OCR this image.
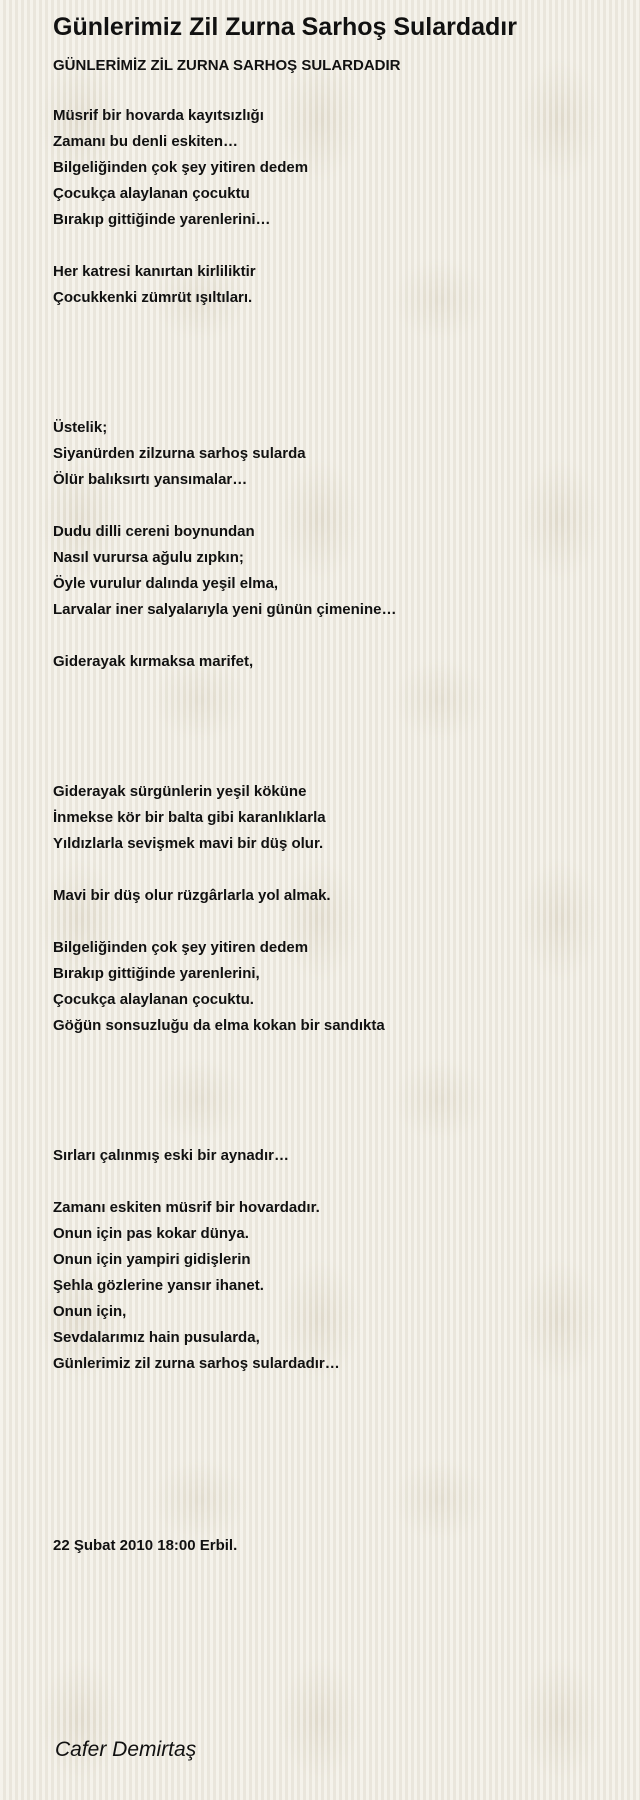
Günlerimiz Zil Zurna Sarhoş Sulardadır
GÜNLERİMİZ ZİL ZURNA SARHOŞ SULARDADIR
Müsrif bir hovarda kayıtsızlığı
Zamanı bu denli eskiten…
Bilgeliğinden çok şey yitiren dedem
Çocukça alaylanan çocuktu
Bırakıp gittiğinde yarenlerini…
Her katresi kanırtan kirliliktir
Çocukkenki zümrüt ışıltıları.
Üstelik;
Siyanürden zilzurna sarhoş sularda
Ölür balıksırtı yansımalar…
Dudu dilli cereni boynundan
Nasıl vurursa ağulu zıpkın;
Öyle vurulur dalında yeşil elma,
Larvalar iner salyalarıyla yeni günün çimenine…
Giderayak kırmaksa marifet,
Giderayak sürgünlerin yeşil köküne
İnmekse kör bir balta gibi karanlıklarla
Yıldızlarla sevişmek mavi bir düş olur.
Mavi bir düş olur rüzgârlarla yol almak.
Bilgeliğinden çok şey yitiren dedem
Bırakıp gittiğinde yarenlerini,
Çocukça alaylanan çocuktu.
Göğün sonsuzluğu da elma kokan bir sandıkta
Sırları çalınmış eski bir aynadır…
Zamanı eskiten müsrif bir hovardadır.
Onun için pas kokar dünya.
Onun için yampiri gidişlerin
Şehla gözlerine yansır ihanet.
Onun için,
Sevdalarımız hain pusularda,
Günlerimiz zil zurna sarhoş sulardadır…
22 Şubat 2010 18:00 Erbil.
Cafer Demirtaş
